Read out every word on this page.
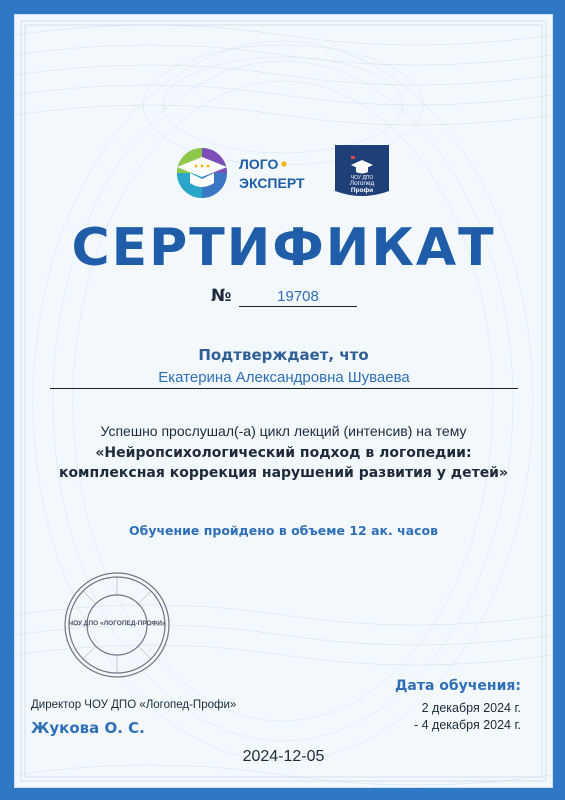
ЛОГО
ЭКСПЕРТ	ЧОУ ДПО
Логопед
Профи
СЕРТИФИКАТ
№	19708
Подтверждает, что
Екатерина Александровна Шуваева
Успешно прослушал(-а) цикл лекций (интенсив) на тему
«Нейропсихологический подход в логопедии:
комплексная коррекция нарушений развития у детей»
Обучение пройдено в объеме 12 ак. часов
ЧОУ ДПО «ЛОГОПЕД-ПРОФИ»
Директор ЧОУ ДПО «Логопед-Профи»
Жукова О. С.
Дата обучения:
2 декабря 2024 г.
- 4 декабря 2024 г.
2024-12-05
